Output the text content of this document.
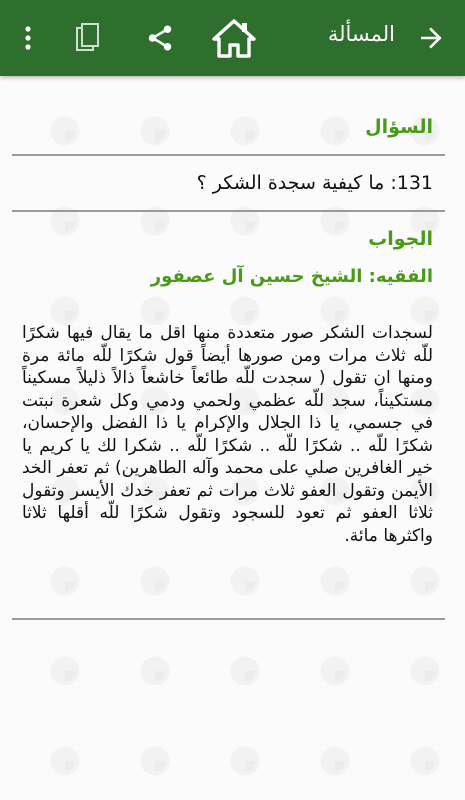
المسألة
السؤال
131: ما كيفية سجدة الشكر ؟
الجواب
الفقيه: الشيخ حسين آل عصفور
لسجدات الشكر صور متعددة منها اقل ما يقال فيها شكرًا للّه ثلاث مرات ومن صورها أيضاً قول شكرًا للّه مائة مرة ومنها ان تقول ( سجدت للّه طائعاً خاشعاً ذالاً ذليلاً مسكيناً مستكيناً، سجد للّه عظمي ولحمي ودمي وكل شعرة نبتت في جسمي، يا ذا الجلال والإكرام يا ذا الفضل والإحسان، شكرًا للّه .. شكرًا للّه .. شكرًا للّه .. شكرا لك يا كريم يا خير الغافرين صلي على محمد وآله الطاهرين) ثم تعفر الخد الأيمن وتقول العفو ثلاث مرات ثم تعفر خدك الأيسر وتقول ثلاثا العفو ثم تعود للسجود وتقول شكرًا للّه أقلها ثلاثا واكثرها مائة.
